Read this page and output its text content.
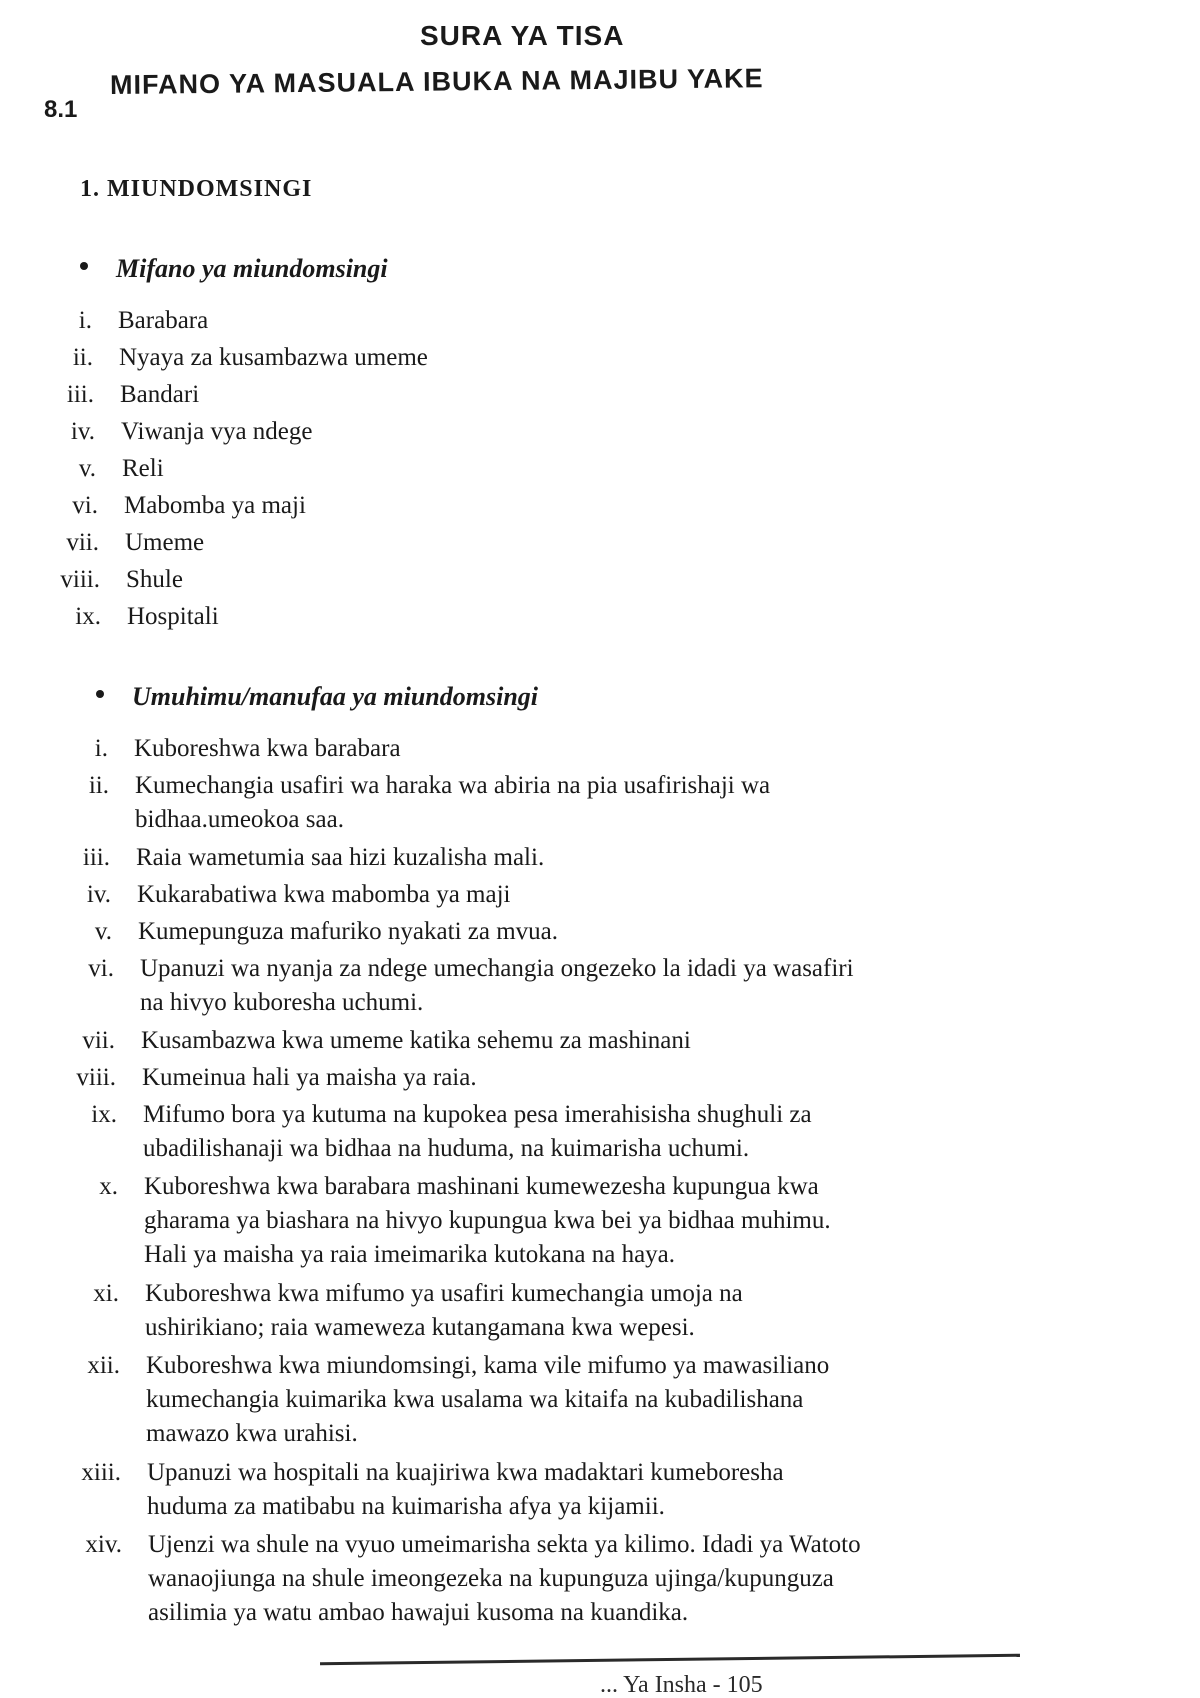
SURA YA TISA
8.1
MIFANO YA MASUALA IBUKA NA MAJIBU YAKE
1. MIUNDOMSINGI
Mifano ya miundomsingi
i. Barabara
ii. Nyaya za kusambazwa umeme
iii. Bandari
iv. Viwanja vya ndege
v. Reli
vi. Mabomba ya maji
vii. Umeme
viii. Shule
ix. Hospitali
Umuhimu/manufaa ya miundomsingi
i. Kuboreshwa kwa barabara
ii. Kumechangia usafiri wa haraka wa abiria na pia usafirishaji wa
bidhaa.umeokoa saa.
iii. Raia wametumia saa hizi kuzalisha mali.
iv. Kukarabatiwa kwa mabomba ya maji
v. Kumepunguza mafuriko nyakati za mvua.
vi. Upanuzi wa nyanja za ndege umechangia ongezeko la idadi ya wasafiri
na hivyo kuboresha uchumi.
vii. Kusambazwa kwa umeme katika sehemu za mashinani
viii. Kumeinua hali ya maisha ya raia.
ix. Mifumo bora ya kutuma na kupokea pesa imerahisisha shughuli za
ubadilishanaji wa bidhaa na huduma, na kuimarisha uchumi.
x. Kuboreshwa kwa barabara mashinani kumewezesha kupungua kwa
gharama ya biashara na hivyo kupungua kwa bei ya bidhaa muhimu.
Hali ya maisha ya raia imeimarika kutokana na haya.
xi. Kuboreshwa kwa mifumo ya usafiri kumechangia umoja na
ushirikiano; raia wameweza kutangamana kwa wepesi.
xii. Kuboreshwa kwa miundomsingi, kama vile mifumo ya mawasiliano
kumechangia kuimarika kwa usalama wa kitaifa na kubadilishana
mawazo kwa urahisi.
xiii. Upanuzi wa hospitali na kuajiriwa kwa madaktari kumeboresha
huduma za matibabu na kuimarisha afya ya kijamii.
xiv. Ujenzi wa shule na vyuo umeimarisha sekta ya kilimo. Idadi ya Watoto
wanaojiunga na shule imeongezeka na kupunguza ujinga/kupunguza
asilimia ya watu ambao hawajui kusoma na kuandika.
... Ya Insha - 105
